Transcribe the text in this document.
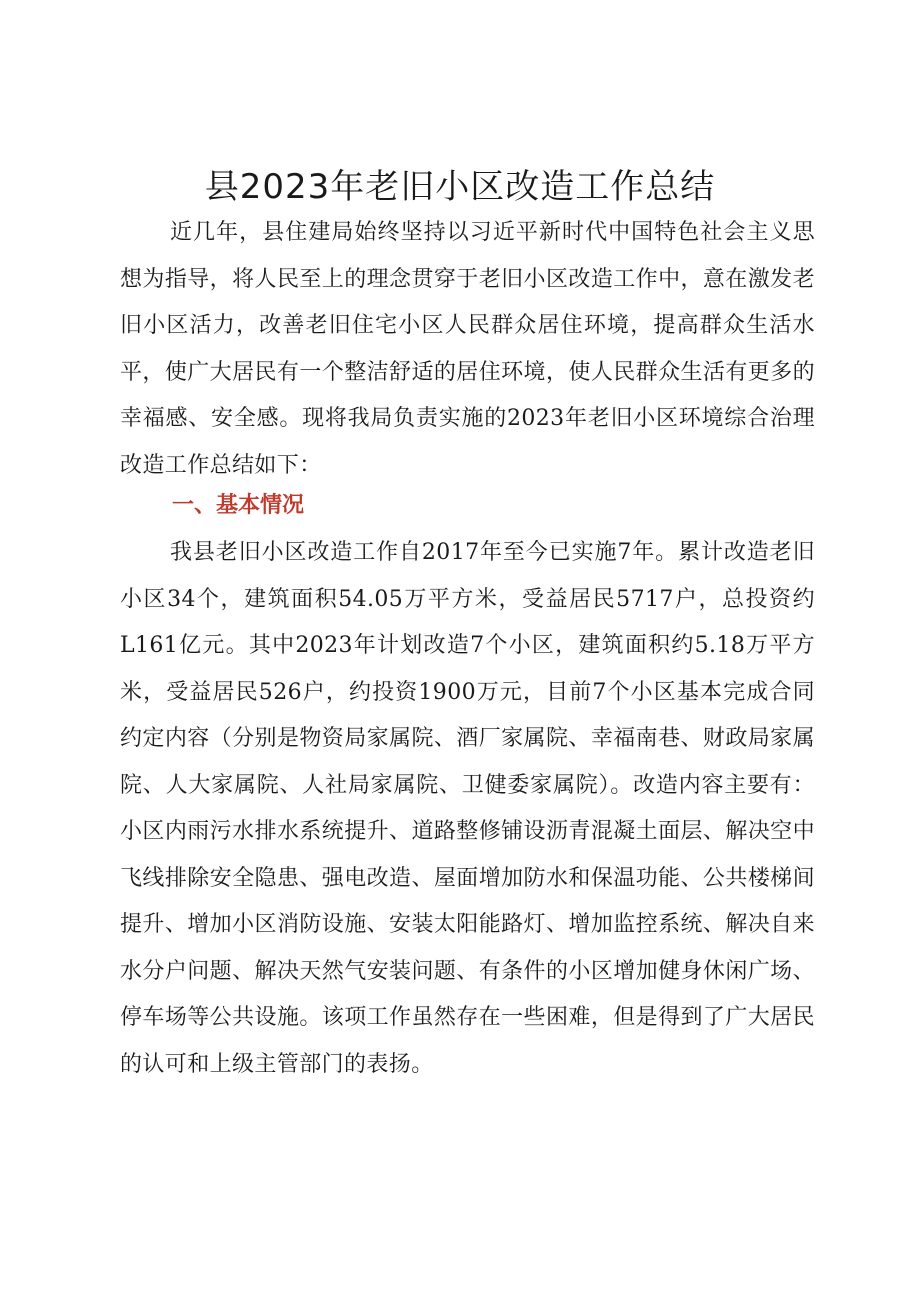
县2023年老旧小区改造工作总结

近几年，县住建局始终坚持以习近平新时代中国特色社会主义思想为指导，将人民至上的理念贯穿于老旧小区改造工作中，意在激发老旧小区活力，改善老旧住宅小区人民群众居住环境，提高群众生活水平，使广大居民有一个整洁舒适的居住环境，使人民群众生活有更多的幸福感、安全感。现将我局负责实施的2023年老旧小区环境综合治理改造工作总结如下：

一、基本情况

我县老旧小区改造工作自2017年至今已实施7年。累计改造老旧小区34个，建筑面积54.05万平方米，受益居民5717户，总投资约L161亿元。其中2023年计划改造7个小区，建筑面积约5.18万平方米，受益居民526户，约投资1900万元，目前7个小区基本完成合同约定内容（分别是物资局家属院、酒厂家属院、幸福南巷、财政局家属院、人大家属院、人社局家属院、卫健委家属院）。改造内容主要有：小区内雨污水排水系统提升、道路整修铺设沥青混凝土面层、解决空中飞线排除安全隐患、强电改造、屋面增加防水和保温功能、公共楼梯间提升、增加小区消防设施、安装太阳能路灯、增加监控系统、解决自来水分户问题、解决天然气安装问题、有条件的小区增加健身休闲广场、停车场等公共设施。该项工作虽然存在一些困难，但是得到了广大居民的认可和上级主管部门的表扬。
